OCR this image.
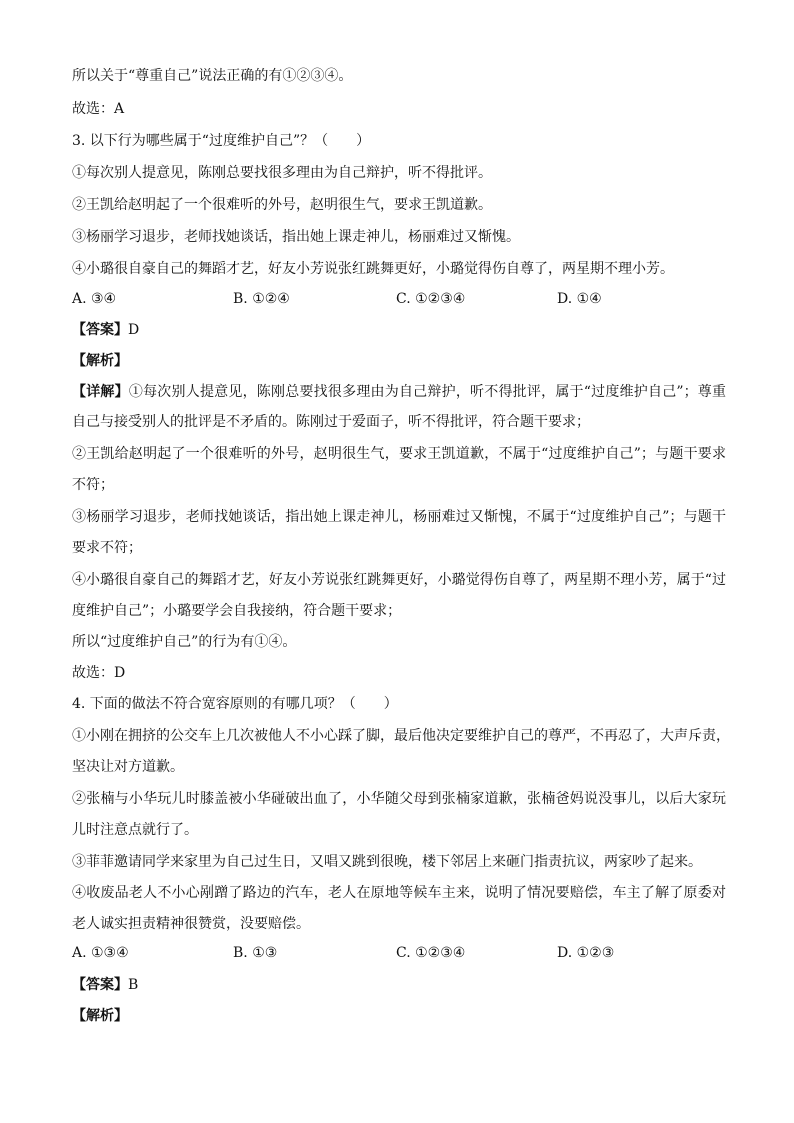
所以关于“尊重自己”说法正确的有①②③④。
故选：A
3. 以下行为哪些属于“过度维护自己”？（　　）
①每次别人提意见，陈刚总要找很多理由为自己辩护，听不得批评。
②王凯给赵明起了一个很难听的外号，赵明很生气，要求王凯道歉。
③杨丽学习退步，老师找她谈话，指出她上课走神儿，杨丽难过又惭愧。
④小璐很自豪自己的舞蹈才艺，好友小芳说张红跳舞更好，小璐觉得伤自尊了，两星期不理小芳。
A. ③④	B. ①②④	C. ①②③④	D. ①④
【答案】D
【解析】
【详解】①每次别人提意见，陈刚总要找很多理由为自己辩护，听不得批评，属于“过度维护自己”；尊重
自己与接受别人的批评是不矛盾的。陈刚过于爱面子，听不得批评，符合题干要求；
②王凯给赵明起了一个很难听的外号，赵明很生气，要求王凯道歉，不属于“过度维护自己”；与题干要求
不符；
③杨丽学习退步，老师找她谈话，指出她上课走神儿，杨丽难过又惭愧，不属于“过度维护自己”；与题干
要求不符；
④小璐很自豪自己的舞蹈才艺，好友小芳说张红跳舞更好，小璐觉得伤自尊了，两星期不理小芳，属于“过
度维护自己”；小璐要学会自我接纳，符合题干要求；
所以“过度维护自己”的行为有①④。
故选：D
4. 下面的做法不符合宽容原则的有哪几项？（　　）
①小刚在拥挤的公交车上几次被他人不小心踩了脚，最后他决定要维护自己的尊严，不再忍了，大声斥责，
坚决让对方道歉。
②张楠与小华玩儿时膝盖被小华碰破出血了，小华随父母到张楠家道歉，张楠爸妈说没事儿，以后大家玩
儿时注意点就行了。
③菲菲邀请同学来家里为自己过生日，又唱又跳到很晚，楼下邻居上来砸门指责抗议，两家吵了起来。
④收废品老人不小心剐蹭了路边的汽车，老人在原地等候车主来，说明了情况要赔偿，车主了解了原委对
老人诚实担责精神很赞赏，没要赔偿。
A. ①③④	B. ①③	C. ①②③④	D. ①②③
【答案】B
【解析】
